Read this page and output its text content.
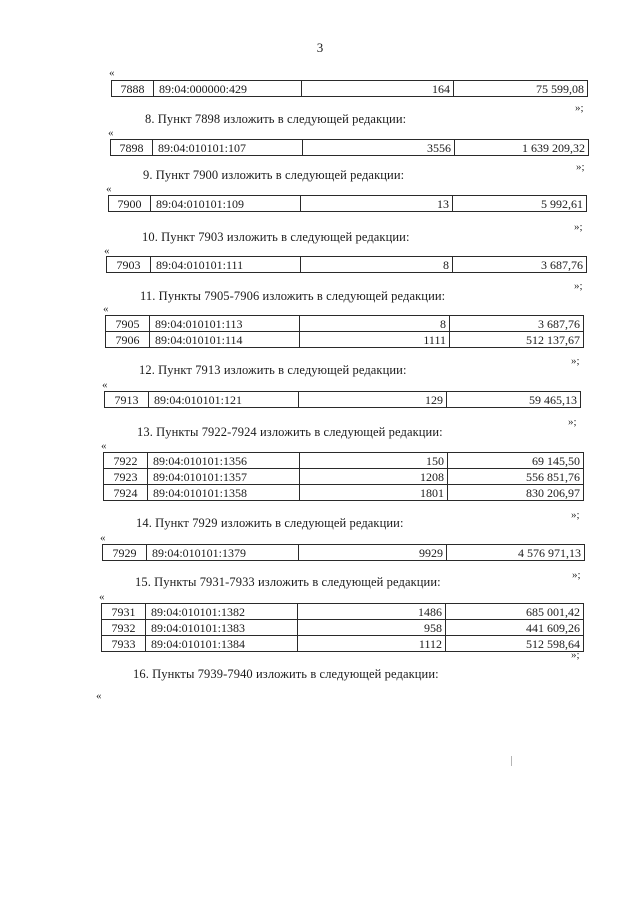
3
«
7888	89:04:000000:429	164	75 599,08
»;
8. Пункт 7898 изложить в следующей редакции:
«
7898	89:04:010101:107	3556	1 639 209,32
»;
9. Пункт 7900 изложить в следующей редакции:
«
7900	89:04:010101:109	13	5 992,61
»;
10. Пункт 7903 изложить в следующей редакции:
«
7903	89:04:010101:111	8	3 687,76
»;
11. Пункты 7905-7906 изложить в следующей редакции:
«
7905	89:04:010101:113	8	3 687,76
7906	89:04:010101:114	1111	512 137,67
»;
12. Пункт 7913 изложить в следующей редакции:
«
7913	89:04:010101:121	129	59 465,13
»;
13. Пункты 7922-7924 изложить в следующей редакции:
«
7922	89:04:010101:1356	150	69 145,50
7923	89:04:010101:1357	1208	556 851,76
7924	89:04:010101:1358	1801	830 206,97
»;
14. Пункт 7929 изложить в следующей редакции:
«
7929	89:04:010101:1379	9929	4 576 971,13
»;
15. Пункты 7931-7933 изложить в следующей редакции:
«
7931	89:04:010101:1382	1486	685 001,42
7932	89:04:010101:1383	958	441 609,26
7933	89:04:010101:1384	1112	512 598,64
»;
16. Пункты 7939-7940 изложить в следующей редакции:
«
